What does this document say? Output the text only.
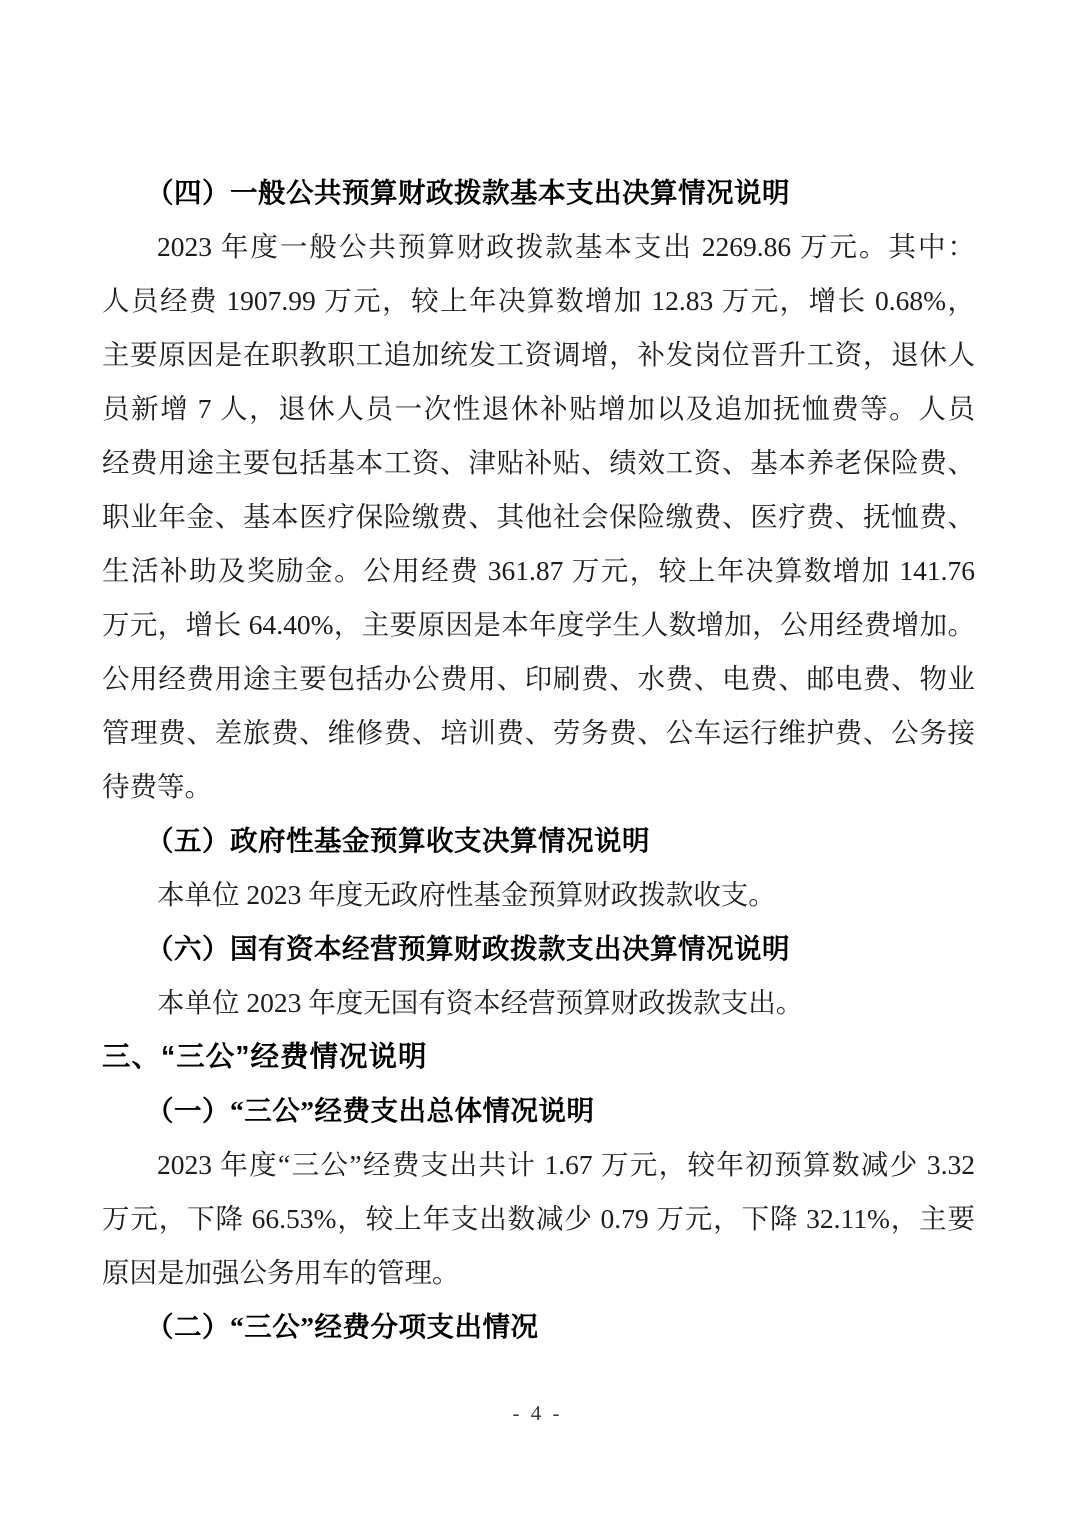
（四）一般公共预算财政拨款基本支出决算情况说明
2023 年度一般公共预算财政拨款基本支出 2269.86 万元。其中：
人员经费 1907.99 万元，较上年决算数增加 12.83 万元，增长 0.68%，
主要原因是在职教职工追加统发工资调增，补发岗位晋升工资，退休人
员新增 7 人，退休人员一次性退休补贴增加以及追加抚恤费等。人员
经费用途主要包括基本工资、津贴补贴、绩效工资、基本养老保险费、
职业年金、基本医疗保险缴费、其他社会保险缴费、医疗费、抚恤费、
生活补助及奖励金。公用经费 361.87 万元，较上年决算数增加 141.76
万元，增长 64.40%，主要原因是本年度学生人数增加，公用经费增加。
公用经费用途主要包括办公费用、印刷费、水费、电费、邮电费、物业
管理费、差旅费、维修费、培训费、劳务费、公车运行维护费、公务接
待费等。
（五）政府性基金预算收支决算情况说明
本单位 2023 年度无政府性基金预算财政拨款收支。
（六）国有资本经营预算财政拨款支出决算情况说明
本单位 2023 年度无国有资本经营预算财政拨款支出。
三、“三公”经费情况说明
（一）“三公”经费支出总体情况说明
2023 年度“三公”经费支出共计 1.67 万元，较年初预算数减少 3.32
万元，下降 66.53%，较上年支出数减少 0.79 万元，下降 32.11%，主要
原因是加强公务用车的管理。
（二）“三公”经费分项支出情况
- 4 -
